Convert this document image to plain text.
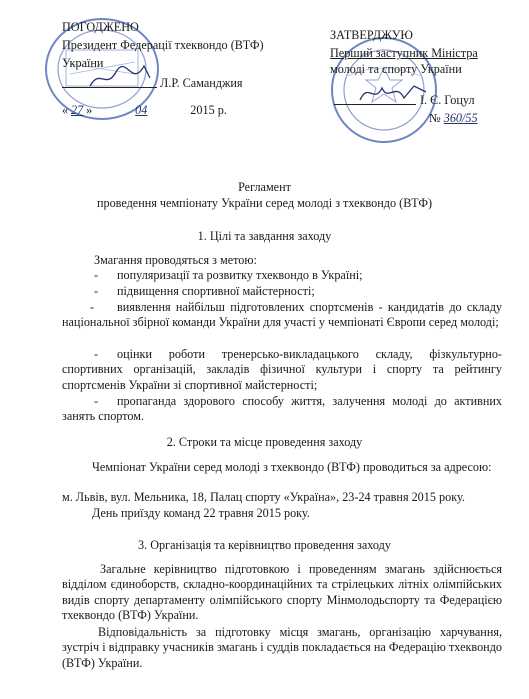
ПОГОДЖЕНО
Президент Федерації тхеквондо (ВТФ)
України
Л.Р. Саманджия
« 27 »	04	2015 р.
ЗАТВЕРДЖУЮ
Перший заступник Міністра
молоді та спорту України
І. Є. Гоцул
№ 360/55
Регламент
проведення чемпіонату України серед молоді з тхеквондо (ВТФ)
1. Цілі та завдання заходу
Змагання проводяться з метою:
-	популяризації та розвитку тхеквондо в Україні;
-	підвищення спортивної майстерності;
-	виявлення найбільш підготовлених спортсменів - кандидатів до складу національної збірної команди України для участі у чемпіонаті Європи серед молоді;
-	оцінки роботи тренерсько-викладацького складу, фізкультурно-спортивних організацій, закладів фізичної культури і спорту та рейтингу спортсменів України зі спортивної майстерності;
-	пропаганда здорового способу життя, залучення молоді до активних занять спортом.
2. Строки та місце проведення заходу
Чемпіонат України серед молоді з тхеквондо (ВТФ) проводиться за адресою:
м. Львів, вул. Мельника, 18, Палац спорту «Україна», 23-24 травня 2015 року.
День приїзду команд 22 травня 2015 року.
3. Організація та керівництво проведення заходу
Загальне керівництво підготовкою і проведенням змагань здійснюється відділом єдиноборств, складно-координаційних та стрілецьких літніх олімпійських видів спорту департаменту олімпійського спорту Мінмолодьспорту та Федерацією тхеквондо (ВТФ) України.
Відповідальність за підготовку місця змагань, організацію харчування, зустріч і відправку учасників змагань і суддів покладається на Федерацію тхеквондо (ВТФ) України.
